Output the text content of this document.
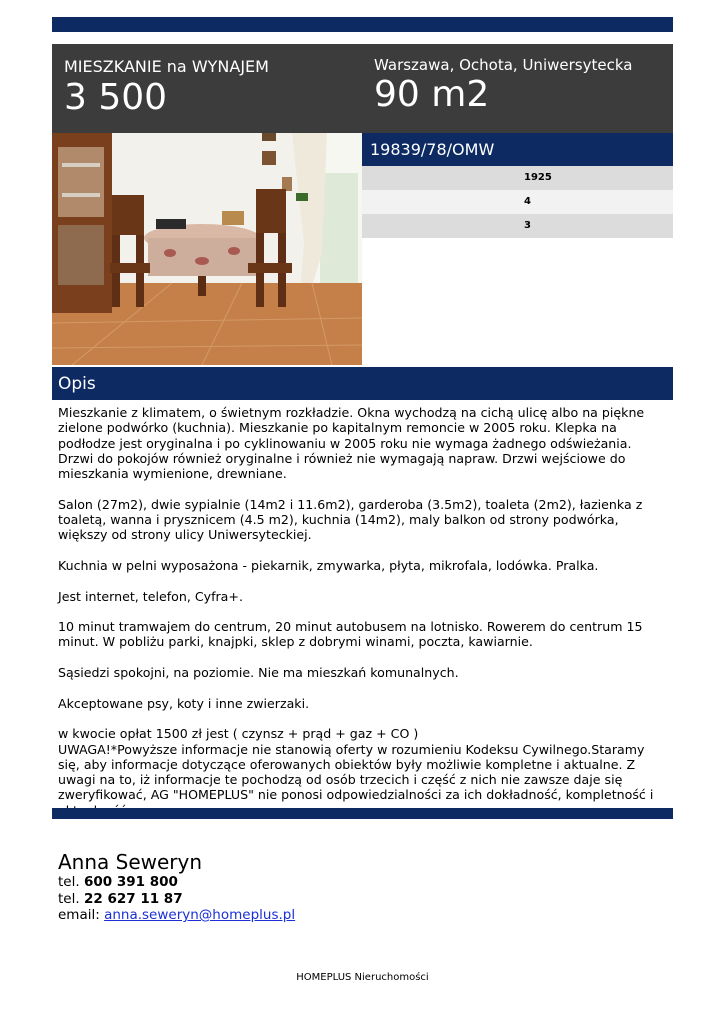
MIESZKANIE na WYNAJEM
3 500
Warszawa, Ochota, Uniwersytecka
90 m2
19839/78/OMW
1925
4
3
Opis

Mieszkanie z klimatem, o świetnym rozkładzie. Okna wychodzą na cichą ulicę albo na piękne zielone podwórko (kuchnia). Mieszkanie po kapitalnym remoncie w 2005 roku. Klepka na podłodze jest oryginalna i po cyklinowaniu w 2005 roku nie wymaga żadnego odświeżania. Drzwi do pokojów również oryginalne i również nie wymagają napraw. Drzwi wejściowe do mieszkania wymienione, drewniane.

Salon (27m2), dwie sypialnie (14m2 i 11.6m2), garderoba (3.5m2), toaleta (2m2), łazienka z toaletą, wanna i prysznicem (4.5 m2), kuchnia (14m2), maly balkon od strony podwórka, większy od strony ulicy Uniwersyteckiej.

Kuchnia w pelni wyposażona - piekarnik, zmywarka, płyta, mikrofala, lodówka. Pralka.

Jest internet, telefon, Cyfra+.

10 minut tramwajem do centrum, 20 minut autobusem na lotnisko. Rowerem do centrum 15 minut. W pobliżu parki, knajpki, sklep z dobrymi winami, poczta, kawiarnie.

Sąsiedzi spokojni, na poziomie. Nie ma mieszkań komunalnych.

Akceptowane psy, koty i inne zwierzaki.

w kwocie opłat 1500 zł jest ( czynsz + prąd + gaz + CO )
UWAGA!*Powyższe informacje nie stanowią oferty w rozumieniu Kodeksu Cywilnego.Staramy się, aby informacje dotyczące oferowanych obiektów były możliwie kompletne i aktualne. Z uwagi na to, iż informacje te pochodzą od osób trzecich i część z nich nie zawsze daje się zweryfikować, AG "HOMEPLUS" nie ponosi odpowiedzialności za ich dokładność, kompletność i
Anna Seweryn
tel. 600 391 800
tel. 22 627 11 87
email: anna.seweryn@homeplus.pl
HOMEPLUS Nieruchomości
